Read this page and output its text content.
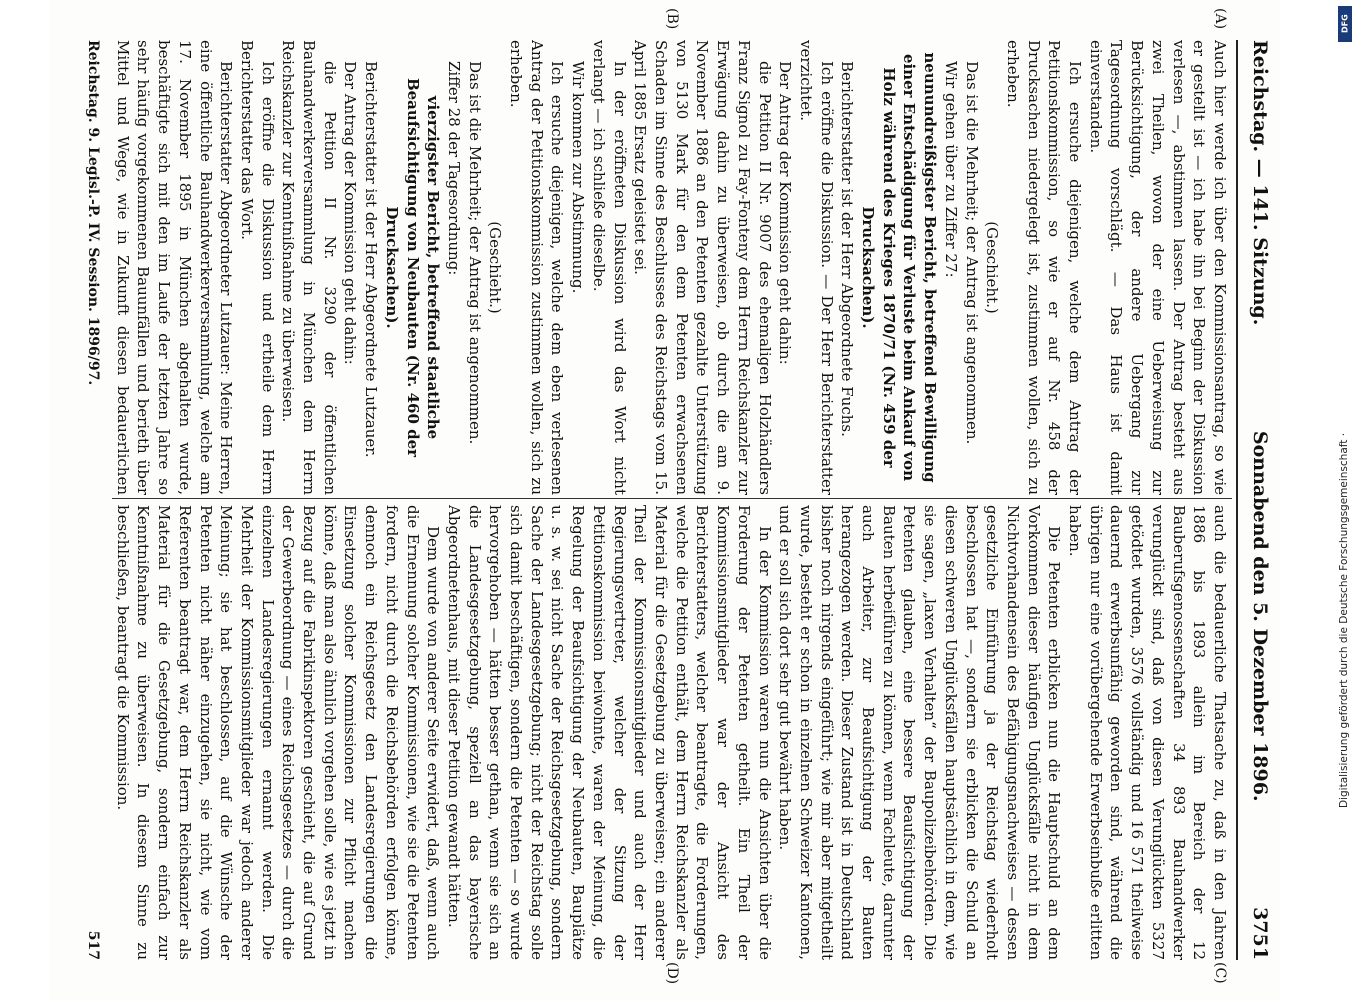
Reichstag. — 141. Sitzung.
Sonnabend den 5. Dezember 1896.
3751

Auch hier werde ich über den Kommissionsantrag, so wie er gestellt ist — ich habe ihn bei Beginn der Diskussion verlesen —, abstimmen lassen. Der Antrag besteht aus zwei Theilen, wovon der eine Ueberweisung zur Berücksichtigung, der andere Uebergang zur Tagesordnung vorschlägt. — Das Haus ist damit einverstanden.

Ich ersuche diejenigen, welche dem Antrag der Petitionskommission, so wie er auf Nr. 458 der Drucksachen niedergelegt ist, zustimmen wollen, sich zu erheben.

(Geschieht.)

Das ist die Mehrheit; der Antrag ist angenommen.

Wir gehen über zu Ziffer 27:

neunundreißigster Bericht, betreffend Bewilligung einer Entschädigung für Verluste beim Ankauf von Holz während des Krieges 1870/71 (Nr. 459 der Drucksachen).

Berichterstatter ist der Herr Abgeordnete Fuchs.

Ich eröffne die Diskussion. — Der Herr Berichterstatter verzichtet.

Der Antrag der Kommission geht dahin:

die Petition II Nr. 9007 des ehemaligen Holzhändlers Franz Signol zu Fay-Fonteny dem Herrn Reichskanzler zur Erwägung dahin zu überweisen, ob durch die am 9. November 1886 an den Petenten gezahlte Unterstützung von 5130 Mark für den dem Petenten erwachsenen Schaden im Sinne des Beschlusses des Reichstags vom 15. April 1885 Ersatz geleistet sei.

In der eröffneten Diskussion wird das Wort nicht verlangt — ich schließe dieselbe.

Wir kommen zur Abstimmung.

Ich ersuche diejenigen, welche dem eben verlesenen Antrag der Petitionskommission zustimmen wollen, sich zu erheben.

(Geschieht.)

Das ist die Mehrheit; der Antrag ist angenommen.

Ziffer 28 der Tagesordnung:

vierzigster Bericht, betreffend staatliche Beaufsichtigung von Neubauten (Nr. 460 der Drucksachen).

Berichterstatter ist der Herr Abgeordnete Lutzauer.

Der Antrag der Kommission geht dahin:

die Petition II Nr. 3290 der öffentlichen Bauhandwerkerversammlung in München dem Herrn Reichskanzler zur Kenntnißnahme zu überweisen.

Ich eröffne die Diskussion und ertheile dem Herrn Berichterstatter das Wort.

Berichterstatter Abgeordneter Lutzauer: Meine Herren, eine öffentliche Bauhandwerkerversammlung, welche am 17. November 1895 in München abgehalten wurde, beschäftigte sich mit den im Laufe der letzten Jahre so sehr häufig vorgekommenen Bauunfällen und berieth über Mittel und Wege, wie in Zukunft diesen bedauerlichen

auch die bedauerliche Thatsache zu, daß in den Jahren 1886 bis 1893 allein im Bereich der 12 Bauberufsgenossenschaften 34 893 Bauhandwerker verunglückt sind, daß von diesen Verunglückten 5327 getödtet wurden, 3576 vollständig und 16 571 theilweise dauernd erwerbsunfähig geworden sind, während die übrigen nur eine vorübergehende Erwerbseinbuße erlitten haben.

Die Petenten erblicken nun die Hauptschuld an dem Vorkommen dieser häufigen Unglücksfälle nicht in dem Nichtvorhandensein des Befähigungsnachweises — dessen gesetzliche Einführung ja der Reichstag wiederholt beschlossen hat —, sondern sie erblicken die Schuld an diesen schweren Unglücksfällen hauptsächlich in dem, wie sie sagen, „laxen Verhalten“ der Baupolizeibehörden. Die Petenten glauben, eine bessere Beaufsichtigung der Bauten herbeiführen zu können, wenn Fachleute, darunter auch Arbeiter, zur Beaufsichtigung der Bauten herangezogen werden. Dieser Zustand ist in Deutschland bisher noch nirgends eingeführt; wie mir aber mitgetheilt wurde, besteht er schon in einzelnen Schweizer Kantonen, und er soll sich dort sehr gut bewährt haben.

In der Kommission waren nun die Ansichten über die Forderung der Petenten getheilt. Ein Theil der Kommissionsmitglieder war der Ansicht des Berichterstatters, welcher beantragte, die Forderungen, welche die Petition enthält, dem Herrn Reichskanzler als Material für die Gesetzgebung zu überweisen; ein anderer Theil der Kommissionsmitglieder und auch der Herr Regierungsvertreter, welcher der Sitzung der Petitionskommission beiwohnte, waren der Meinung, die Regelung der Beaufsichtigung der Neubauten, Bauplätze u. s. w. sei nicht Sache der Reichsgesetzgebung, sondern Sache der Landesgesetzgebung; nicht der Reichstag solle sich damit beschäftigen, sondern die Petenten — so wurde hervorgehoben — hätten besser gethan, wenn sie sich an die Landesgesetzgebung, speziell an das bayerische Abgeordnetenhaus, mit dieser Petition gewandt hätten.

Dem wurde von anderer Seite erwidert, daß, wenn auch die Ernennung solcher Kommissionen, wie sie die Petenten fordern, nicht durch die Reichsbehörden erfolgen könne, dennoch ein Reichsgesetz den Landesregierungen die Einsetzung solcher Kommissionen zur Pflicht machen könne, daß man also ähnlich vorgehen solle, wie es jetzt in Bezug auf die Fabrikinspektoren geschieht, die auf Grund der Gewerbeordnung — eines Reichsgesetzes — durch die einzelnen Landesregierungen ernannt werden. Die Mehrheit der Kommissionsmitglieder war jedoch anderer Meinung; sie hat beschlossen, auf die Wünsche der Petenten nicht näher einzugehen, sie nicht, wie vom Referenten beantragt war, dem Herrn Reichskanzler als Material für die Gesetzgebung, sondern einfach zur Kenntnißnahme zu überweisen. In diesem Sinne zu beschließen, beantragt die Kommission.

(A)
(B)
(C)
(D)
Reichstag. 9. Legisl.-P. IV. Session. 1896/97.
517
DFG
Digitalisierung gefördert durch die Deutsche Forschungsgemeinschaft ·
